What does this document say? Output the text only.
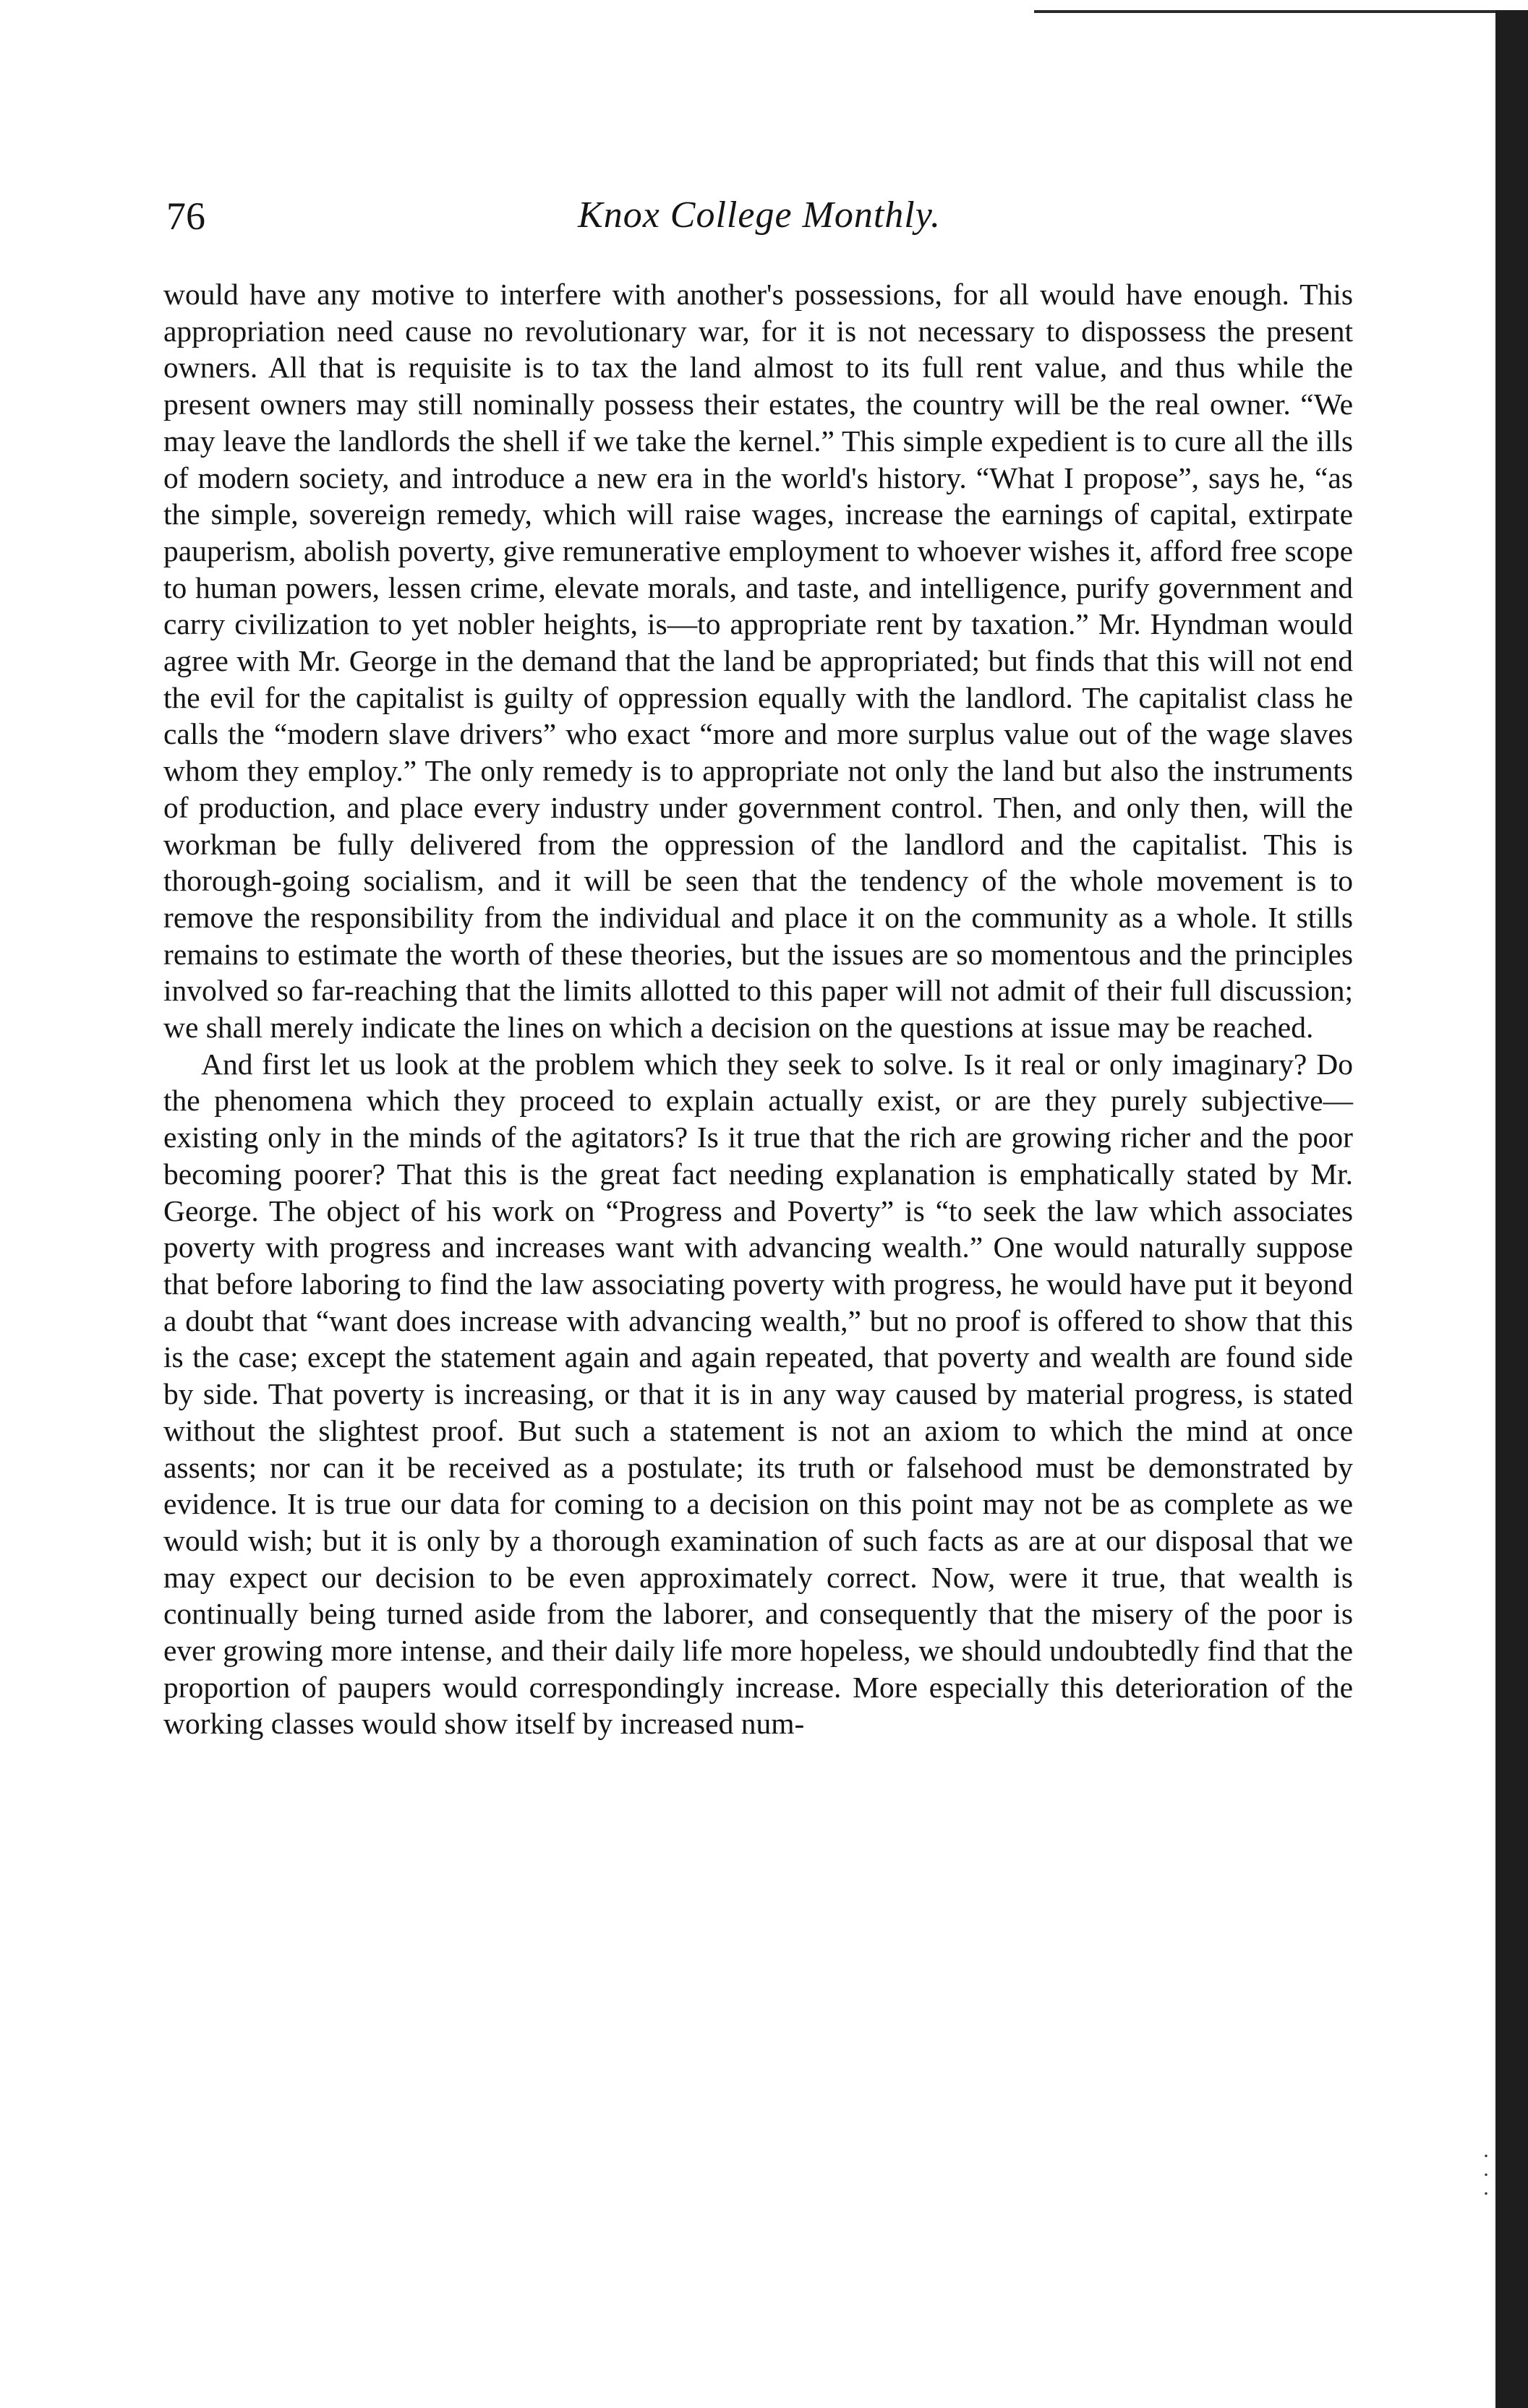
·
·
·
76	Knox College Monthly.

would have any motive to interfere with another's possessions, for all would have enough. This appropriation need cause no revolutionary war, for it is not necessary to dispossess the present owners. All that is requisite is to tax the land almost to its full rent value, and thus while the present owners may still nominally possess their estates, the country will be the real owner. “We may leave the landlords the shell if we take the kernel.” This simple expedient is to cure all the ills of modern society, and introduce a new era in the world's history. “What I propose”, says he, “as the simple, sovereign remedy, which will raise wages, increase the earnings of capital, extirpate pauperism, abolish poverty, give remunerative employment to whoever wishes it, afford free scope to human powers, lessen crime, elevate morals, and taste, and intelligence, purify government and carry civilization to yet nobler heights, is—to appropriate rent by taxation.” Mr. Hyndman would agree with Mr. George in the demand that the land be appropriated; but finds that this will not end the evil for the capitalist is guilty of oppression equally with the landlord. The capitalist class he calls the “modern slave drivers” who exact “more and more surplus value out of the wage slaves whom they employ.” The only remedy is to appropriate not only the land but also the instruments of production, and place every industry under government control. Then, and only then, will the workman be fully delivered from the oppression of the landlord and the capitalist. This is thorough-going socialism, and it will be seen that the tendency of the whole movement is to remove the responsibility from the individual and place it on the community as a whole. It stills remains to estimate the worth of these theories, but the issues are so momentous and the principles involved so far-reaching that the limits allotted to this paper will not admit of their full discussion; we shall merely indicate the lines on which a decision on the questions at issue may be reached.

And first let us look at the problem which they seek to solve. Is it real or only imaginary? Do the phenomena which they proceed to explain actually exist, or are they purely subjective—existing only in the minds of the agitators? Is it true that the rich are growing richer and the poor becoming poorer? That this is the great fact needing explanation is emphatically stated by Mr. George. The object of his work on “Progress and Poverty” is “to seek the law which associates poverty with progress and increases want with advancing wealth.” One would naturally suppose that before laboring to find the law associating poverty with progress, he would have put it beyond a doubt that “want does increase with advancing wealth,” but no proof is offered to show that this is the case; except the statement again and again repeated, that poverty and wealth are found side by side. That poverty is increasing, or that it is in any way caused by material progress, is stated without the slightest proof. But such a statement is not an axiom to which the mind at once assents; nor can it be received as a postulate; its truth or falsehood must be demonstrated by evidence. It is true our data for coming to a decision on this point may not be as complete as we would wish; but it is only by a thorough examination of such facts as are at our disposal that we may expect our decision to be even approximately correct. Now, were it true, that wealth is continually being turned aside from the laborer, and consequently that the misery of the poor is ever growing more intense, and their daily life more hopeless, we should undoubtedly find that the proportion of paupers would correspondingly increase. More especially this deterioration of the working classes would show itself by increased num-
